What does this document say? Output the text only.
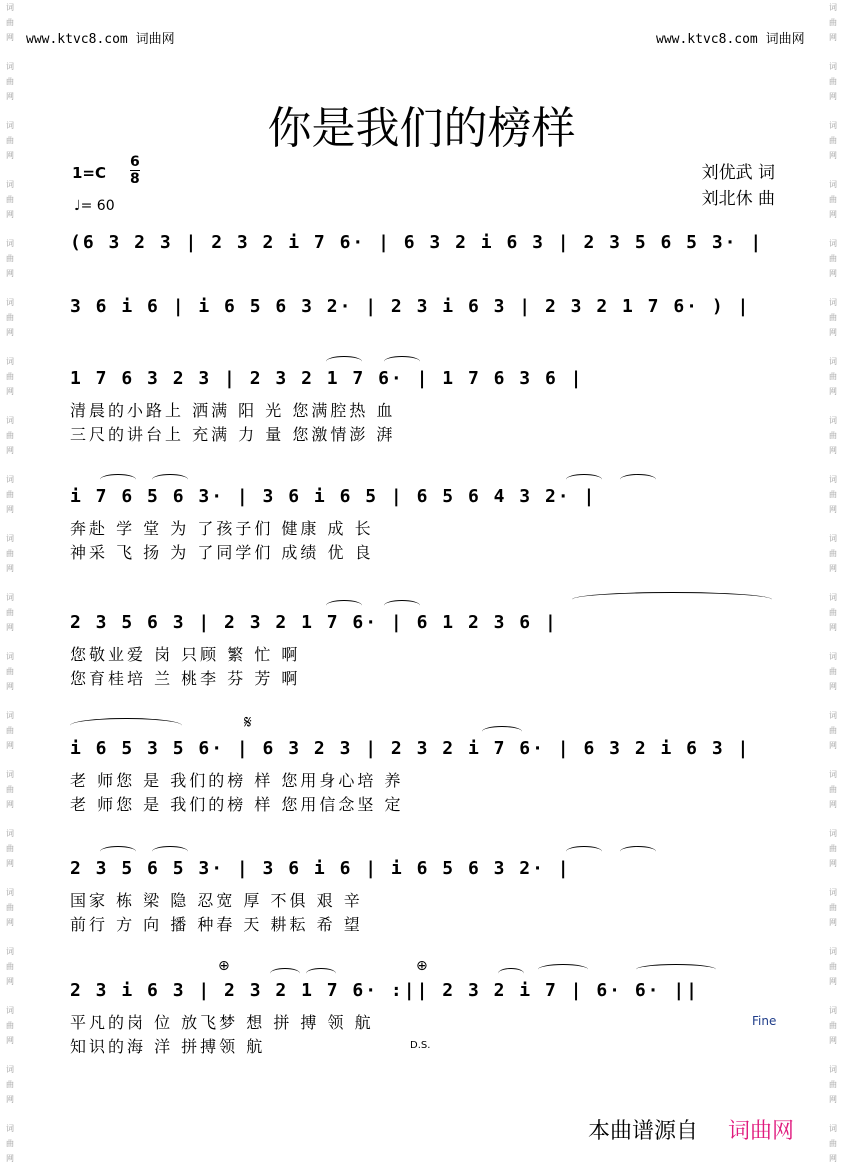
词
曲
网
词
曲
网
词
曲
网
词
曲
网
词
曲
网
词
曲
网
词
曲
网
词
曲
网
词
曲
网
词
曲
网
词
曲
网
词
曲
网
词
曲
网
词
曲
网
词
曲
网
词
曲
网
词
曲
网
词
曲
网
词
曲
网
词
曲
网
词
曲
网
词
曲
网
词
曲
网
词
曲
网
词
曲
网
词
曲
网
词
曲
网
词
曲
网
词
曲
网
词
曲
网
词
曲
网
词
曲
网
词
曲
网
词
曲
网
词
曲
网
词
曲
网
词
曲
网
词
曲
网
词
曲
网
词
曲
网
www.ktvc8.com 词曲网	www.ktvc8.com 词曲网
你是我们的榜样
刘优武 词
刘北休 曲
1=C
6
8
♩= 60
(6 3 2 3 | 2 3 2 i 7 6· | 6 3 2 i 6 3 | 2 3 5 6 5 3· |
3 6 i 6 | i 6 5 6 3 2· | 2 3 i 6 3 | 2 3 2 1 7 6· ) |
1 7 6 3 2 3 | 2 3 2 1 7 6· | 1 7 6 3 6 |
清晨的小路上 洒满 阳 光 您满腔热 血
三尺的讲台上 充满 力 量 您激情澎 湃
i 7 6 5 6 3· | 3 6 i 6 5 | 6 5 6 4 3 2· |
奔赴 学 堂 为 了孩子们 健康 成 长
神采 飞 扬 为 了同学们 成绩 优 良
2 3 5 6 3 | 2 3 2 1 7 6· | 6 1 2 3 6 |
您敬业爱 岗 只顾 繁 忙 啊
您育桂培 兰 桃李 芬 芳 啊
i 6 5 3 5 6· | 6 3 2 3 | 2 3 2 i 7 6· | 6 3 2 i 6 3 |
老 师您 是 我们的榜 样 您用身心培 养
老 师您 是 我们的榜 样 您用信念坚 定
2 3 5 6 5 3· | 3 6 i 6 | i 6 5 6 3 2· |
国家 栋 梁 隐 忍宽 厚 不俱 艰 辛
前行 方 向 播 种春 天 耕耘 希 望
2 3 i 6 3 | 2 3 2 1 7 6· :|| 2 3 2 i 7 | 6· 6· ||
平凡的岗 位 放飞梦 想 拼 搏 领 航
知识的海 洋 拼搏领 航
𝄋
⊕	⊕
Fine
D.S.
本曲谱源自 词曲网
